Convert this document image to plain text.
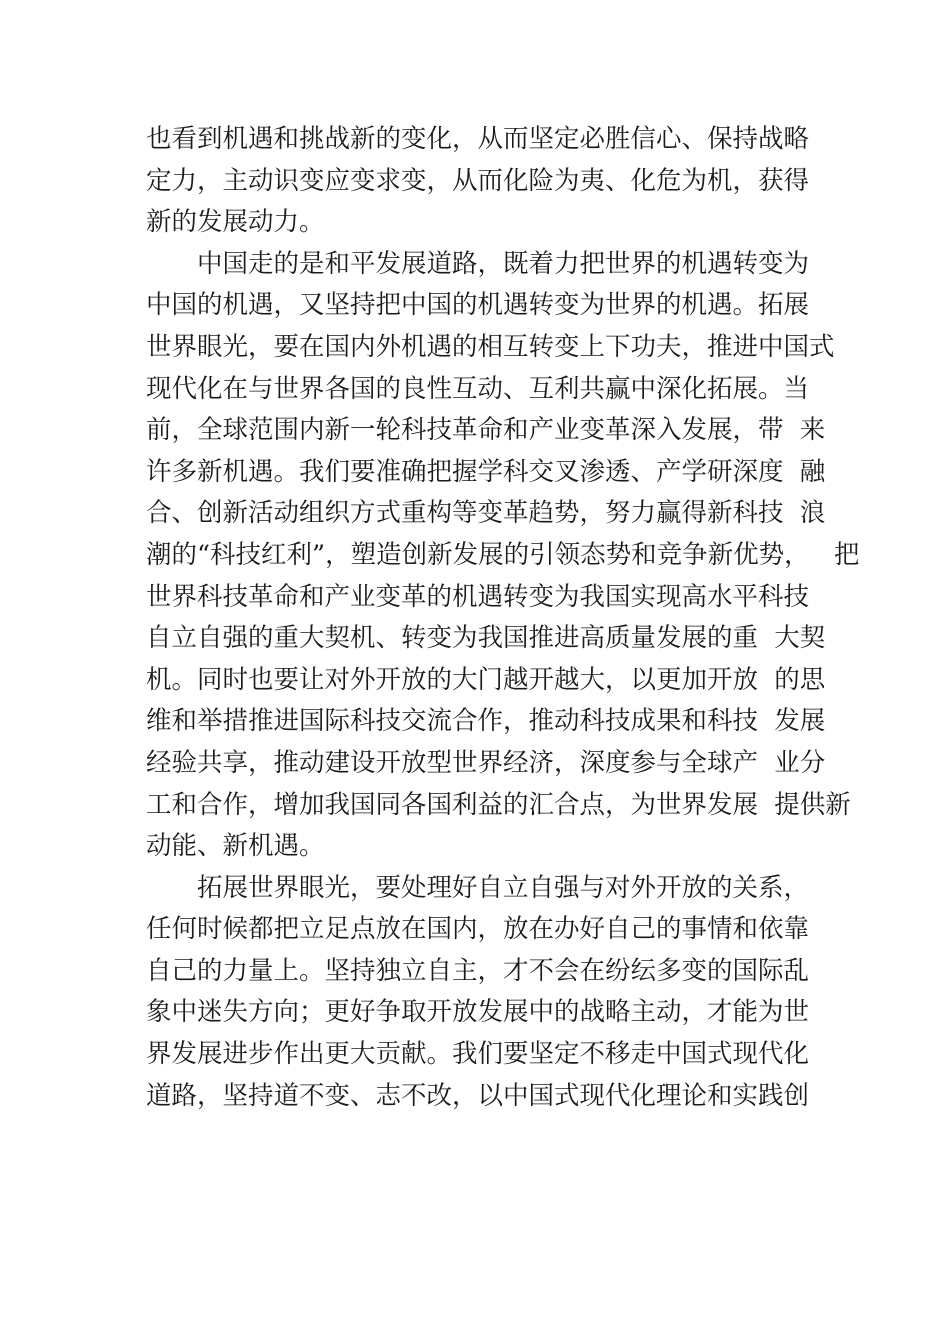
也看到机遇和挑战新的变化，从而坚定必胜信心、保持战略
定力，主动识变应变求变，从而化险为夷、化危为机，获得
新的发展动力。
中国走的是和平发展道路，既着力把世界的机遇转变为
中国的机遇，又坚持把中国的机遇转变为世界的机遇。拓展
世界眼光，要在国内外机遇的相互转变上下功夫，推进中国式
现代化在与世界各国的良性互动、互利共赢中深化拓展。当
前，全球范围内新一轮科技革命和产业变革深入发展，带  来
许多新机遇。我们要准确把握学科交叉渗透、产学研深度  融
合、创新活动组织方式重构等变革趋势，努力赢得新科技  浪
潮的“科技红利”，塑造创新发展的引领态势和竞争新优势，   把
世界科技革命和产业变革的机遇转变为我国实现高水平科技
自立自强的重大契机、转变为我国推进高质量发展的重  大契
机。同时也要让对外开放的大门越开越大，以更加开放  的思
维和举措推进国际科技交流合作，推动科技成果和科技  发展
经验共享，推动建设开放型世界经济，深度参与全球产  业分
工和合作，增加我国同各国利益的汇合点，为世界发展  提供新
动能、新机遇。
拓展世界眼光，要处理好自立自强与对外开放的关系，
任何时候都把立足点放在国内，放在办好自己的事情和依靠
自己的力量上。坚持独立自主，才不会在纷纭多变的国际乱
象中迷失方向；更好争取开放发展中的战略主动，才能为世
界发展进步作出更大贡献。我们要坚定不移走中国式现代化
道路，坚持道不变、志不改，以中国式现代化理论和实践创
